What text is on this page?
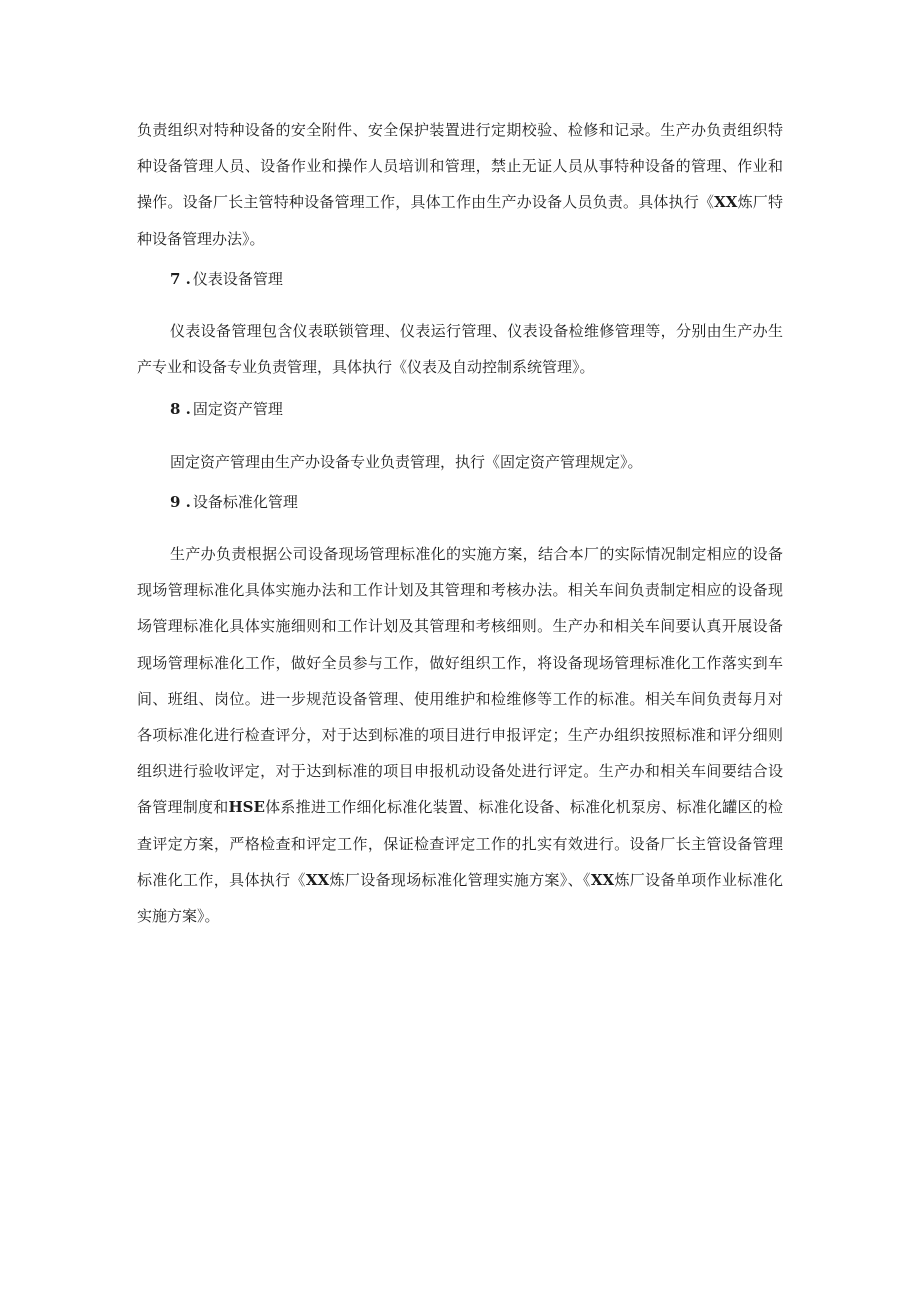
负责组织对特种设备的安全附件、安全保护装置进行定期校验、检修和记录。生产办负责组织特
种设备管理人员、设备作业和操作人员培训和管理，禁止无证人员从事特种设备的管理、作业和
操作。设备厂长主管特种设备管理工作，具体工作由生产办设备人员负责。具体执行《XX炼厂特
种设备管理办法》。
7 . 仪表设备管理
仪表设备管理包含仪表联锁管理、仪表运行管理、仪表设备检维修管理等，分别由生产办生
产专业和设备专业负责管理，具体执行《仪表及自动控制系统管理》。
8 . 固定资产管理
固定资产管理由生产办设备专业负责管理，执行《固定资产管理规定》。
9 . 设备标准化管理
生产办负责根据公司设备现场管理标准化的实施方案，结合本厂的实际情况制定相应的设备
现场管理标准化具体实施办法和工作计划及其管理和考核办法。相关车间负责制定相应的设备现
场管理标准化具体实施细则和工作计划及其管理和考核细则。生产办和相关车间要认真开展设备
现场管理标准化工作，做好全员参与工作，做好组织工作，将设备现场管理标准化工作落实到车
间、班组、岗位。进一步规范设备管理、使用维护和检维修等工作的标准。相关车间负责每月对
各项标准化进行检查评分，对于达到标准的项目进行申报评定；生产办组织按照标准和评分细则
组织进行验收评定，对于达到标准的项目申报机动设备处进行评定。生产办和相关车间要结合设
备管理制度和HSE体系推进工作细化标准化装置、标准化设备、标准化机泵房、标准化罐区的检
查评定方案，严格检查和评定工作，保证检查评定工作的扎实有效进行。设备厂长主管设备管理
标准化工作，具体执行《XX炼厂设备现场标准化管理实施方案》、《XX炼厂设备单项作业标准化
实施方案》。
